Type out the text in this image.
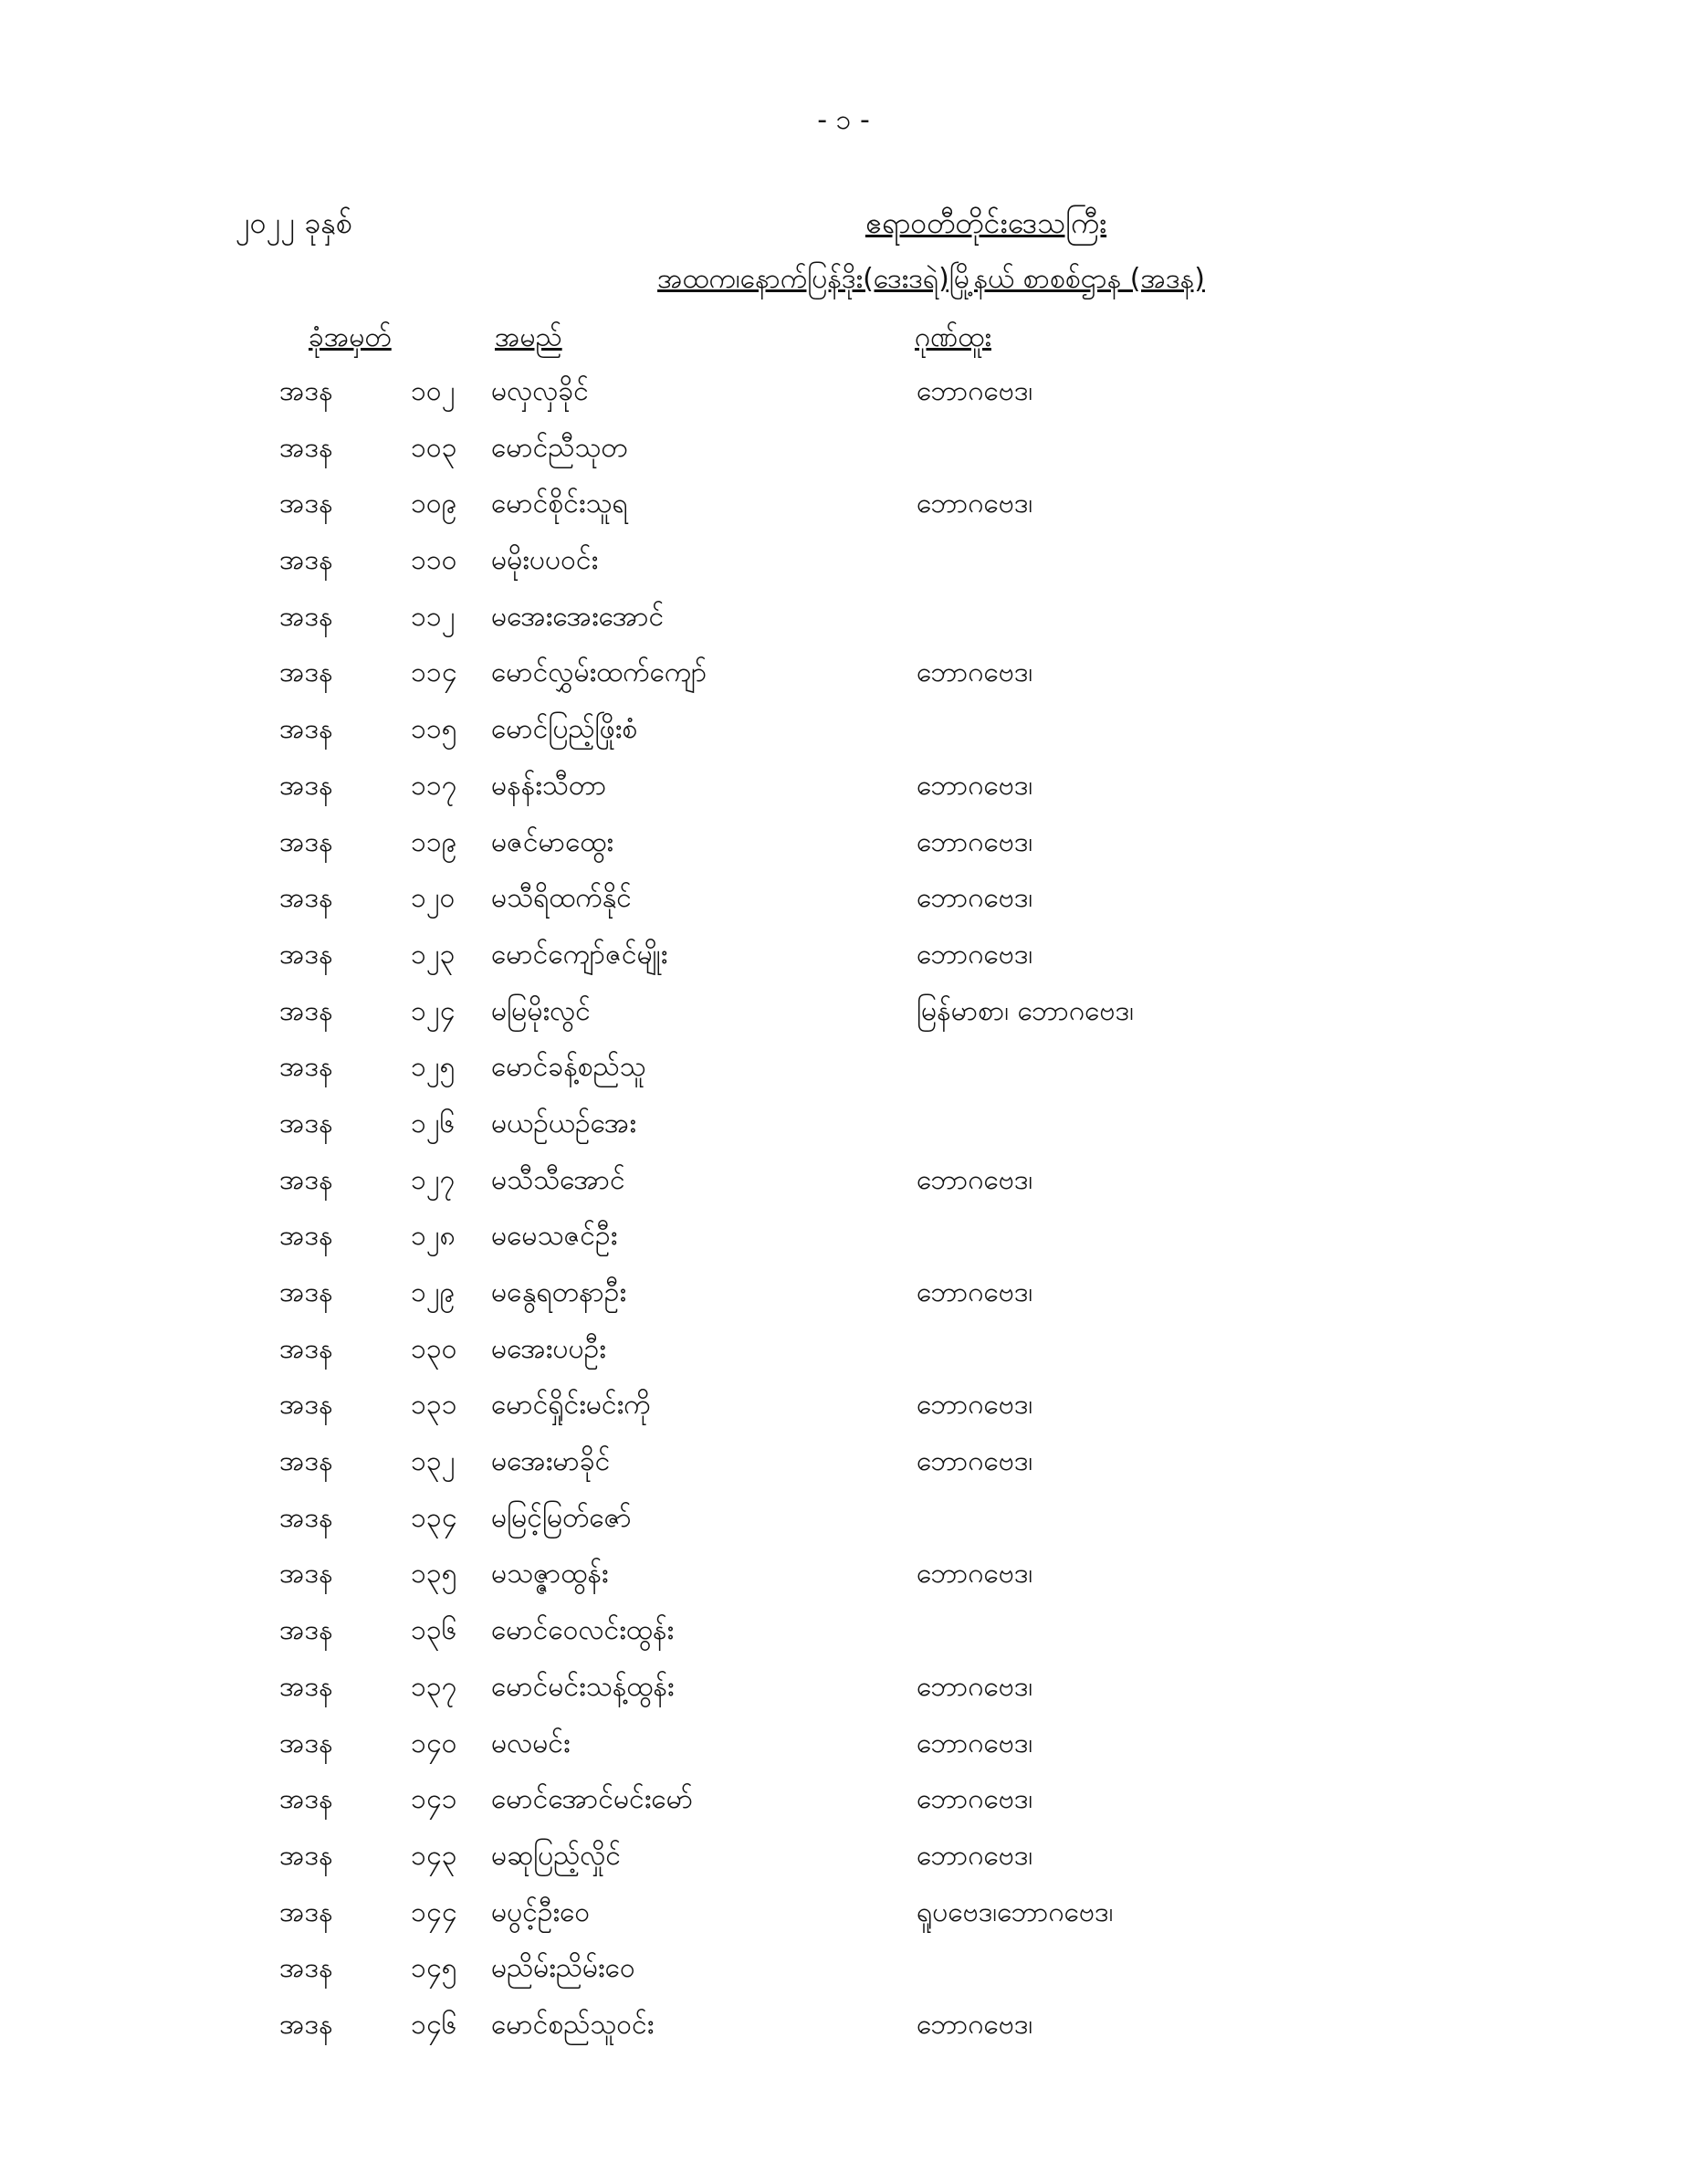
- ၁ -
၂၀၂၂ ခုနှစ်	ဧရာဝတီတိုင်းဒေသကြီး
အထက၊နောက်ပြန်ဒိုး(ဒေးဒရဲ)မြို့နယ် စာစစ်ဌာန (အဒန)
ခုံအမှတ်	အမည်	ဂုဏ်ထူး
အဒန	၁၀၂ မလှလှခိုင်	ဘောဂဗေဒ၊
အဒန	၁၀၃ မောင်ညီသုတ
အဒန	၁၀၉ မောင်စိုင်းသူရ	ဘောဂဗေဒ၊
အဒန	၁၁၀ မမိုးပပဝင်း
အဒန	၁၁၂ မအေးအေးအောင်
အဒန	၁၁၄ မောင်လွှမ်းထက်ကျော်	ဘောဂဗေဒ၊
အဒန	၁၁၅ မောင်ပြည့်ဖြိုးစံ
အဒန	၁၁၇ မနန်းသီတာ	ဘောဂဗေဒ၊
အဒန	၁၁၉ မဇင်မာထွေး	ဘောဂဗေဒ၊
အဒန	၁၂၀ မသီရိထက်နိုင်	ဘောဂဗေဒ၊
အဒန	၁၂၃ မောင်ကျော်ဇင်မျိုး	ဘောဂဗေဒ၊
အဒန	၁၂၄ မမြမိုးလွင်	မြန်မာစာ၊ ဘောဂဗေဒ၊
အဒန	၁၂၅ မောင်ခန့်စည်သူ
အဒန	၁၂၆ မယဉ်ယဉ်အေး
အဒန	၁၂၇ မသီသီအောင်	ဘောဂဗေဒ၊
အဒန	၁၂၈ မမေသဇင်ဦး
အဒန	၁၂၉ မနွေရတနာဦး	ဘောဂဗေဒ၊
အဒန	၁၃၀ မအေးပပဦး
အဒန	၁၃၁ မောင်ရှိုင်းမင်းကို	ဘောဂဗေဒ၊
အဒန	၁၃၂ မအေးမာခိုင်	ဘောဂဗေဒ၊
အဒန	၁၃၄ မမြင့်မြတ်ဇော်
အဒန	၁၃၅ မသဇ္ဇာထွန်း	ဘောဂဗေဒ၊
အဒန	၁၃၆ မောင်ဝေလင်းထွန်း
အဒန	၁၃၇ မောင်မင်းသန့်ထွန်း	ဘောဂဗေဒ၊
အဒန	၁၄၀ မလမင်း	ဘောဂဗေဒ၊
အဒန	၁၄၁ မောင်အောင်မင်းမော်	ဘောဂဗေဒ၊
အဒန	၁၄၃ မဆုပြည့်လှိုင်	ဘောဂဗေဒ၊
အဒန	၁၄၄ မပွင့်ဦးဝေ	ရူပဗေဒ၊ဘောဂဗေဒ၊
အဒန	၁၄၅ မညိမ်းညိမ်းဝေ
အဒန	၁၄၆ မောင်စည်သူဝင်း	ဘောဂဗေဒ၊
